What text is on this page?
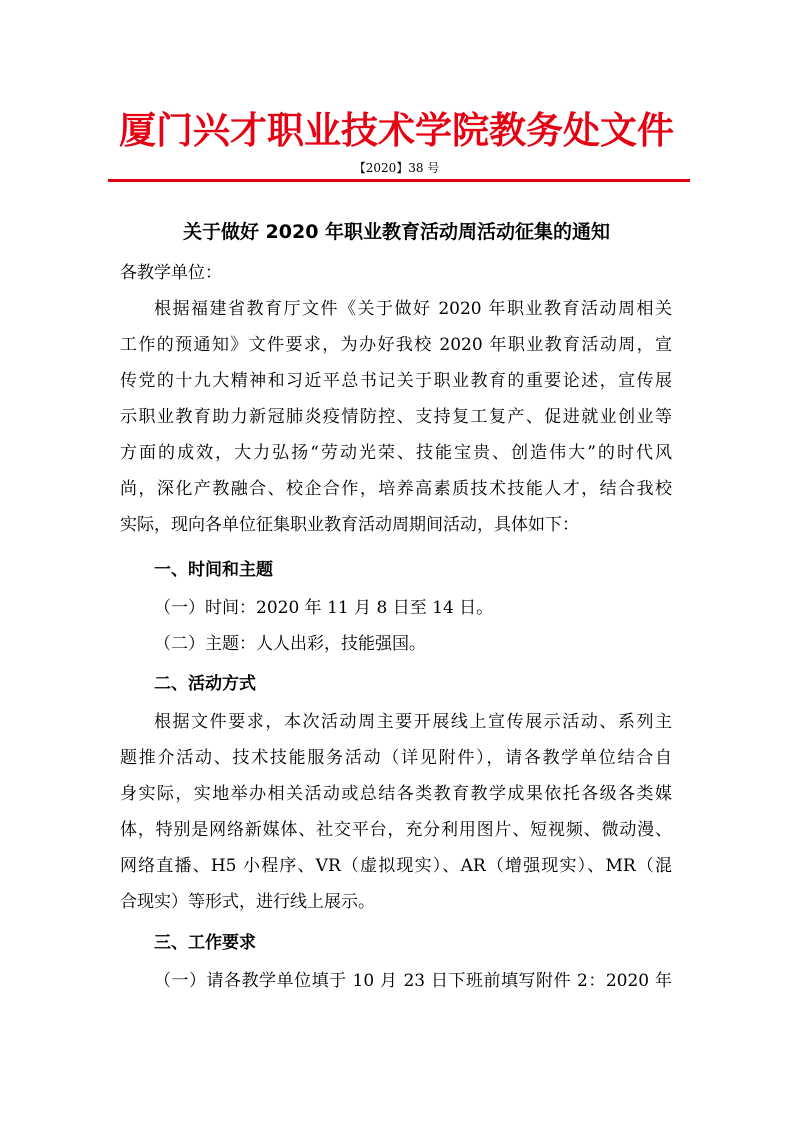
厦门兴才职业技术学院教务处文件
【2020】38 号
关于做好 2020 年职业教育活动周活动征集的通知
各教学单位：
根据福建省教育厅文件《关于做好 2020 年职业教育活动周相关
工作的预通知》文件要求，为办好我校 2020 年职业教育活动周，宣
传党的十九大精神和习近平总书记关于职业教育的重要论述，宣传展
示职业教育助力新冠肺炎疫情防控、支持复工复产、促进就业创业等
方面的成效，大力弘扬“劳动光荣、技能宝贵、创造伟大”的时代风
尚，深化产教融合、校企合作，培养高素质技术技能人才，结合我校
实际，现向各单位征集职业教育活动周期间活动，具体如下：
一、时间和主题
（一）时间：2020 年 11 月 8 日至 14 日。
（二）主题：人人出彩，技能强国。
二、活动方式
根据文件要求，本次活动周主要开展线上宣传展示活动、系列主
题推介活动、技术技能服务活动（详见附件），请各教学单位结合自
身实际，实地举办相关活动或总结各类教育教学成果依托各级各类媒
体，特别是网络新媒体、社交平台，充分利用图片、短视频、微动漫、
网络直播、H5 小程序、VR（虚拟现实）、AR（增强现实）、MR（混
合现实）等形式，进行线上展示。
三、工作要求
（一）请各教学单位填于 10 月 23 日下班前填写附件 2：2020 年
